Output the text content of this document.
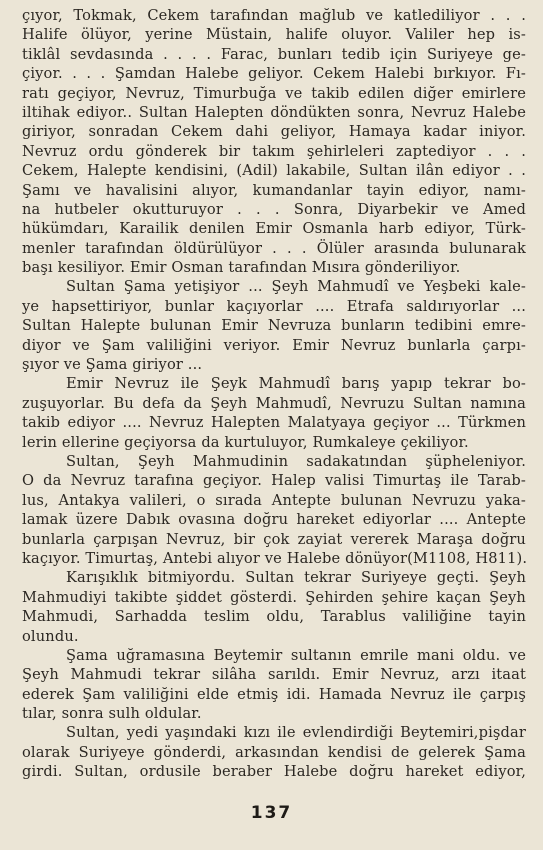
çıyor, Tokmak, Cekem tarafından mağlub ve katlediliyor . . .
Halife ölüyor, yerine Müstain, halife oluyor. Valiler hep is-
tiklâl sevdasında . . . . Farac, bunları tedib için Suriyeye ge-
çiyor. . . . Şamdan Halebe geliyor. Cekem Halebi bırkıyor. Fı-
ratı geçiyor, Nevruz, Timurbuğa ve takib edilen diğer emirlere
iltihak ediyor.. Sultan Halepten döndükten sonra, Nevruz Halebe
giriyor, sonradan Cekem dahi geliyor, Hamaya kadar iniyor.
Nevruz ordu gönderek bir takım şehirleleri zaptediyor . . .
Cekem, Halepte kendisini, (Adil) lakabile, Sultan ilân ediyor . .
Şamı ve havalisini alıyor, kumandanlar tayin ediyor, namı-
na hutbeler okutturuyor . . . Sonra, Diyarbekir ve Amed
hükümdarı, Karailik denilen Emir Osmanla harb ediyor, Türk-
menler tarafından öldürülüyor . . . Ölüler arasında bulunarak
başı kesiliyor. Emir Osman tarafından Mısıra gönderiliyor.
Sultan Şama yetişiyor ... Şeyh Mahmudî ve Yeşbeki kale-
ye hapsettiriyor, bunlar kaçıyorlar .... Etrafa saldırıyorlar ...
Sultan Halepte bulunan Emir Nevruza bunların tedibini emre-
diyor ve Şam valiliğini veriyor. Emir Nevruz bunlarla çarpı-
şıyor ve Şama giriyor ...
Emir Nevruz ile Şeyk Mahmudî barış yapıp tekrar bo-
zuşuyorlar. Bu defa da Şeyh Mahmudî, Nevruzu Sultan namına
takib ediyor .... Nevruz Halepten Malatyaya geçiyor ... Türkmen
lerin ellerine geçiyorsa da kurtuluyor, Rumkaleye çekiliyor.
Sultan, Şeyh Mahmudinin sadakatından şüpheleniyor.
O da Nevruz tarafına geçiyor. Halep valisi Timurtaş ile Tarab-
lus, Antakya valileri, o sırada Antepte bulunan Nevruzu yaka-
lamak üzere Dabık ovasına doğru hareket ediyorlar .... Antepte
bunlarla çarpışan Nevruz, bir çok zayiat vererek Maraşa doğru
kaçıyor. Timurtaş, Antebi alıyor ve Halebe dönüyor(M1108, H811).
Karışıklık bitmiyordu. Sultan tekrar Suriyeye geçti. Şeyh
Mahmudiyi takibte şiddet gösterdi. Şehirden şehire kaçan Şeyh
Mahmudi, Sarhadda teslim oldu, Tarablus valiliğine tayin
olundu.
Şama uğramasına Beytemir sultanın emrile mani oldu. ve
Şeyh Mahmudi tekrar silâha sarıldı. Emir Nevruz, arzı itaat
ederek Şam valiliğini elde etmiş idi. Hamada Nevruz ile çarpış
tılar, sonra sulh oldular.
Sultan, yedi yaşındaki kızı ile evlendirdiği Beytemiri,pişdar
olarak Suriyeye gönderdi, arkasından kendisi de gelerek Şama
girdi. Sultan, ordusile beraber Halebe doğru hareket ediyor,
137
